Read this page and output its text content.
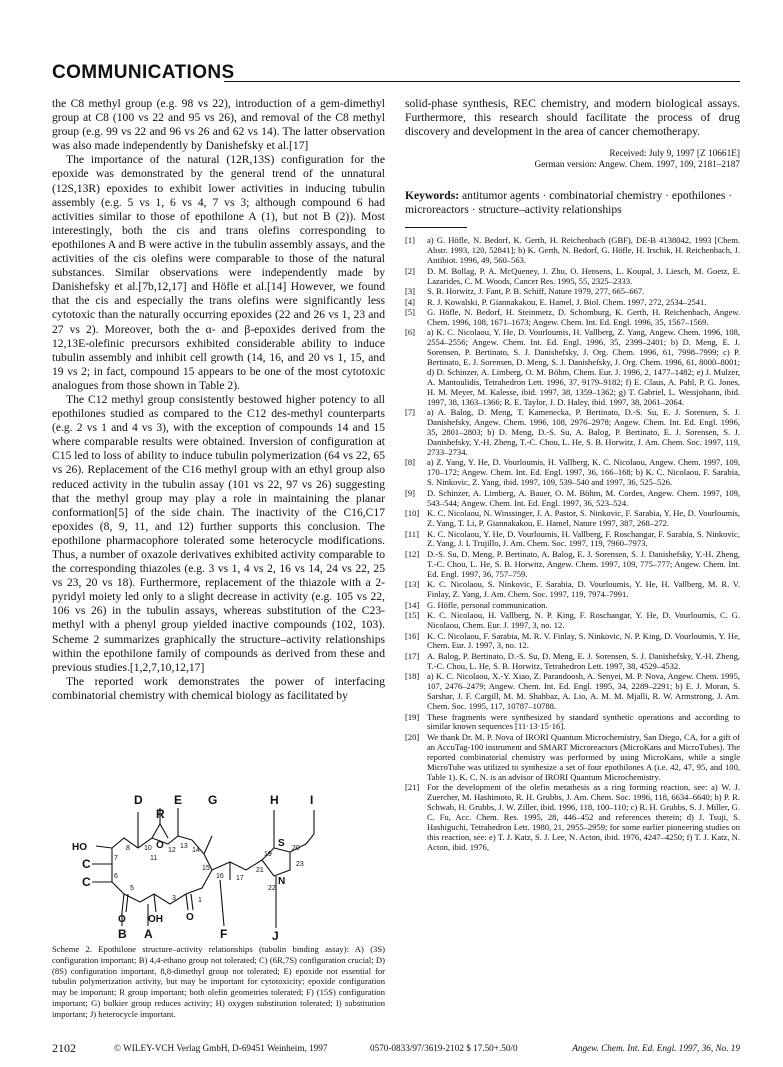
COMMUNICATIONS

the C8 methyl group (e.g. 98 vs 22), introduction of a gem-dimethyl group at C8 (100 vs 22 and 95 vs 26), and removal of the C8 methyl group (e.g. 99 vs 22 and 96 vs 26 and 62 vs 14). The latter observation was also made independently by Danishefsky et al.[17]

The importance of the natural (12R,13S) configuration for the epoxide was demonstrated by the general trend of the unnatural (12S,13R) epoxides to exhibit lower activities in inducing tubulin assembly (e.g. 5 vs 1, 6 vs 4, 7 vs 3; although compound 6 had activities similar to those of epothilone A (1), but not B (2)). Most interestingly, both the cis and trans olefins corresponding to epothilones A and B were active in the tubulin assembly assays, and the activities of the cis olefins were comparable to those of the natural substances. Similar observations were independently made by Danishefsky et al.[7b,12,17] and Höfle et al.[14] However, we found that the cis and especially the trans olefins were significantly less cytotoxic than the naturally occurring epoxides (22 and 26 vs 1, 23 and 27 vs 2). Moreover, both the α- and β-epoxides derived from the 12,13E-olefinic precursors exhibited considerable ability to induce tubulin assembly and inhibit cell growth (14, 16, and 20 vs 1, 15, and 19 vs 2; in fact, compound 15 appears to be one of the most cytotoxic analogues from those shown in Table 2).

The C12 methyl group consistently bestowed higher potency to all epothilones studied as compared to the C12 des-methyl counterparts (e.g. 2 vs 1 and 4 vs 3), with the exception of compounds 14 and 15 where comparable results were obtained. Inversion of configuration at C15 led to loss of ability to induce tubulin polymerization (64 vs 22, 65 vs 26). Replacement of the C16 methyl group with an ethyl group also reduced activity in the tubulin assay (101 vs 22, 97 vs 26) suggesting that the methyl group may play a role in maintaining the planar conformation[5] of the side chain. The inactivity of the C16,C17 epoxides (8, 9, 11, and 12) further supports this conclusion. The epothilone pharmacophore tolerated some heterocycle modifications. Thus, a number of oxazole derivatives exhibited activity comparable to the corresponding thiazoles (e.g. 3 vs 1, 4 vs 2, 16 vs 14, 24 vs 22, 25 vs 23, 20 vs 18). Furthermore, replacement of the thiazole with a 2-pyridyl moiety led only to a slight decrease in activity (e.g. 105 vs 22, 106 vs 26) in the tubulin assays, whereas substitution of the C23-methyl with a phenyl group yielded inactive compounds (102, 103). Scheme 2 summarizes graphically the structure–activity relationships within the epothilone family of compounds as derived from these and previous studies.[1,2,7,10,12,17]

The reported work demonstrates the power of interfacing combinatorial chemistry with chemical biology as facilitated by

D	E G	H	I
R
C
C
B A	F	J
HO
O OH O
O	S
N
1
3
5
6
7
8 10
11
12
13
14
15
16 17
19
20
21
22
23
Scheme 2. Epothilone structure–activity relationships (tubulin binding assay): A) (3S) configuration important; B) 4,4-ethano group not tolerated; C) (6R,7S) configuration crucial; D) (8S) configuration important, 8,8-dimethyl group not tolerated; E) epoxide not essential for tubulin polymerization activity, but may be important for cytotoxicity; epoxide configuration may be important; R group important; both olefin geometries tolerated; F) (15S) configuration important; G) bulkier group reduces activity; H) oxygen substitution tolerated; I) substitution important; J) heterocycle important.

solid-phase synthesis, REC chemistry, and modern biological assays. Furthermore, this research should facilitate the process of drug discovery and development in the area of cancer chemotherapy.

Received: July 9, 1997 [Z 10661E]
German version: Angew. Chem. 1997, 109, 2181–2187
Keywords: antitumor agents · combinatorial chemistry · epothilones · microreactors · structure–activity relationships
[1] a) G. Höfle, N. Bedorf, K. Gerth, H. Reichenbach (GBF), DE-B 4138042, 1993 [Chem. Abstr. 1993, 120, 52841]; b) K. Gerth, N. Bedorf, G. Höfle, H. Irschik, H. Reichenbach, J. Antibiot. 1996, 49, 560–563.
[2] D. M. Bollag, P. A. McQueney, J. Zhu, O. Hensens, L. Koupal, J. Liesch, M. Goetz, E. Lazarides, C. M. Woods, Cancer Res. 1995, 55, 2325–2333.
[3] S. B. Horwitz, J. Fant, P. B. Schiff, Nature 1979, 277, 665–667.
[4] R. J. Kowalski, P. Giannakakou, E. Hamel, J. Biol. Chem. 1997, 272, 2534–2541.
[5] G. Höfle, N. Bedorf, H. Steinmetz, D. Schomburg, K. Gerth, H. Reichenbach, Angew. Chem. 1996, 108, 1671–1673; Angew. Chem. Int. Ed. Engl. 1996, 35, 1567–1569.
[6] a) K. C. Nicolaou, Y. He, D. Vourloumis, H. Vallberg, Z. Yang, Angew. Chem. 1996, 108, 2554–2556; Angew. Chem. Int. Ed. Engl. 1996, 35, 2399–2401; b) D. Meng, E. J. Sorensen, P. Bertinato, S. J. Danishefsky, J. Org. Chem. 1996, 61, 7998–7999; c) P. Bertinato, E. J. Sorensen, D. Meng, S. J. Danishefsky, J. Org. Chem. 1996, 61, 8000–8001; d) D. Schinzer, A. Limberg, O. M. Böhm, Chem. Eur. J. 1996, 2, 1477–1482; e) J. Mulzer, A. Mantoulidis, Tetrahedron Lett. 1996, 37, 9179–9182; f) E. Claus, A. Pahl, P. G. Jones, H. M. Meyer, M. Kalesse, ibid. 1997, 38, 1359–1362; g) T. Gabriel, L. Wessjohann, ibid. 1997, 38, 1363–1366; R. E. Taylor, J. D. Haley, ibid. 1997, 38, 2061–2064.
[7] a) A. Balog, D. Meng, T. Kamenecka, P. Bertinato, D.-S. Su, E. J. Sorensen, S. J. Danishefsky, Angew. Chem. 1996, 108, 2976–2978; Angew. Chem. Int. Ed. Engl. 1996, 35, 2801–2803; b) D. Meng, D.-S. Su, A. Balog, P. Bertinato, E. J. Sorensen, S. J. Danishefsky, Y.-H. Zheng, T.-C. Chou, L. He, S. B. Horwitz, J. Am. Chem. Soc. 1997, 119, 2733–2734.
[8] a) Z. Yang, Y. He, D. Vourloumis, H. Vallberg, K. C. Nicolaou, Angew. Chem. 1997, 109, 170–172; Angew. Chem. Int. Ed. Engl. 1997, 36, 166–168; b) K. C. Nicolaou, F. Sarabia, S. Ninkovic, Z. Yang, ibid. 1997, 109, 539–540 and 1997, 36, 525–526.
[9] D. Schinzer, A. Limberg, A. Bauer, O. M. Böhm, M. Cordes, Angew. Chem. 1997, 109, 543–544; Angew. Chem. Int. Ed. Engl. 1997, 36, 523–524.
[10] K. C. Nicolaou, N. Winssinger, J. A. Pastor, S. Ninkovic, F. Sarabia, Y. He, D. Vourloumis, Z. Yang, T. Li, P. Giannakakou, E. Hamel, Nature 1997, 387, 268–272.
[11] K. C. Nicolaou, Y. He, D. Vourloumis, H. Vallberg, F. Roschangar, F. Sarabia, S. Ninkovic, Z. Yang, J. I. Trujillo, J. Am. Chem. Soc. 1997, 119, 7960–7973.
[12] D.-S. Su, D. Meng, P. Bertinato, A. Balog, E. J. Sorensen, S. J. Danishefsky, Y.-H. Zheng, T.-C. Chou, L. He, S. B. Horwitz, Angew. Chem. 1997, 109, 775–777; Angew. Chem. Int. Ed. Engl. 1997, 36, 757–759.
[13] K. C. Nicolaou, S. Ninkovic, F. Sarabia, D. Vourloumis, Y. He, H. Vallberg, M. R. V. Finlay, Z. Yang, J. Am. Chem. Soc. 1997, 119, 7974–7991.
[14] G. Höfle, personal communication.
[15] K. C. Nicolaou, H. Vallberg, N. P. King, F. Roschangar, Y. He, D. Vourloumis, C. G. Nicolaou, Chem. Eur. J. 1997, 3, no. 12.
[16] K. C. Nicolaou, F. Sarabia, M. R. V. Finlay, S. Ninkovic, N. P. King, D. Vourloumis, Y. He, Chem. Eur. J. 1997, 3, no. 12.
[17] A. Balog, P. Bertinato, D.-S. Su, D. Meng, E. J. Sorensen, S. J. Danishefsky, Y.-H. Zheng, T.-C. Chou, L. He, S. B. Horwitz, Tetrahedron Lett. 1997, 38, 4529–4532.
[18] a) K. C. Nicolaou, X.-Y. Xiao, Z. Parandoosh, A. Senyei, M. P. Nova, Angew. Chem. 1995, 107, 2476–2479; Angew. Chem. Int. Ed. Engl. 1995, 34, 2289–2291; b) E. J. Moran, S. Sarshar, J. F. Cargill, M. M. Shahbaz, A. Lio, A. M. M. Mjalli, R. W. Armstrong, J. Am. Chem. Soc. 1995, 117, 10787–10788.
[19] These fragments were synthesized by standard synthetic operations and according to similar known sequences [11·13·15·16].
[20] We thank Dr. M. P. Nova of IRORI Quantum Microchemistry, San Diego, CA, for a gift of an AccuTag-100 instrument and SMART Microreactors (MicroKans and MicroTubes). The reported combinatorial chemistry was performed by using MicroKans, while a single MicroTube was utilized to synthesize a set of four epothilones A (i.e. 42, 47, 95, and 100, Table 1). K. C. N. is an advisor of IRORI Quantum Microchemistry.
[21] For the development of the olefin metathesis as a ring forming reaction, see: a) W. J. Zuercher, M. Hashimoto, R. H. Grubbs, J. Am. Chem. Soc. 1996, 118, 6634–6640; b) P. R. Schwab, H. Grubbs, J. W. Ziller, ibid. 1996, 118, 100–110; c) R. H. Grubbs, S. J. Miller, G. C. Fu, Acc. Chem. Res. 1995, 28, 446–452 and references therein; d) J. Tsuji, S. Hashiguchi, Tetrahedron Lett. 1980, 21, 2955–2959; for some earlier pioneering studies on this reaction, see: e) T. J. Katz, S. J. Lee, N. Acton, ibid. 1976, 4247–4250; f) T. J. Katz, N. Acton, ibid. 1976,
2102	© WILEY-VCH Verlag GmbH, D-69451 Weinheim, 1997	0570-0833/97/3619-2102 $ 17.50+.50/0	Angew. Chem. Int. Ed. Engl. 1997, 36, No. 19
